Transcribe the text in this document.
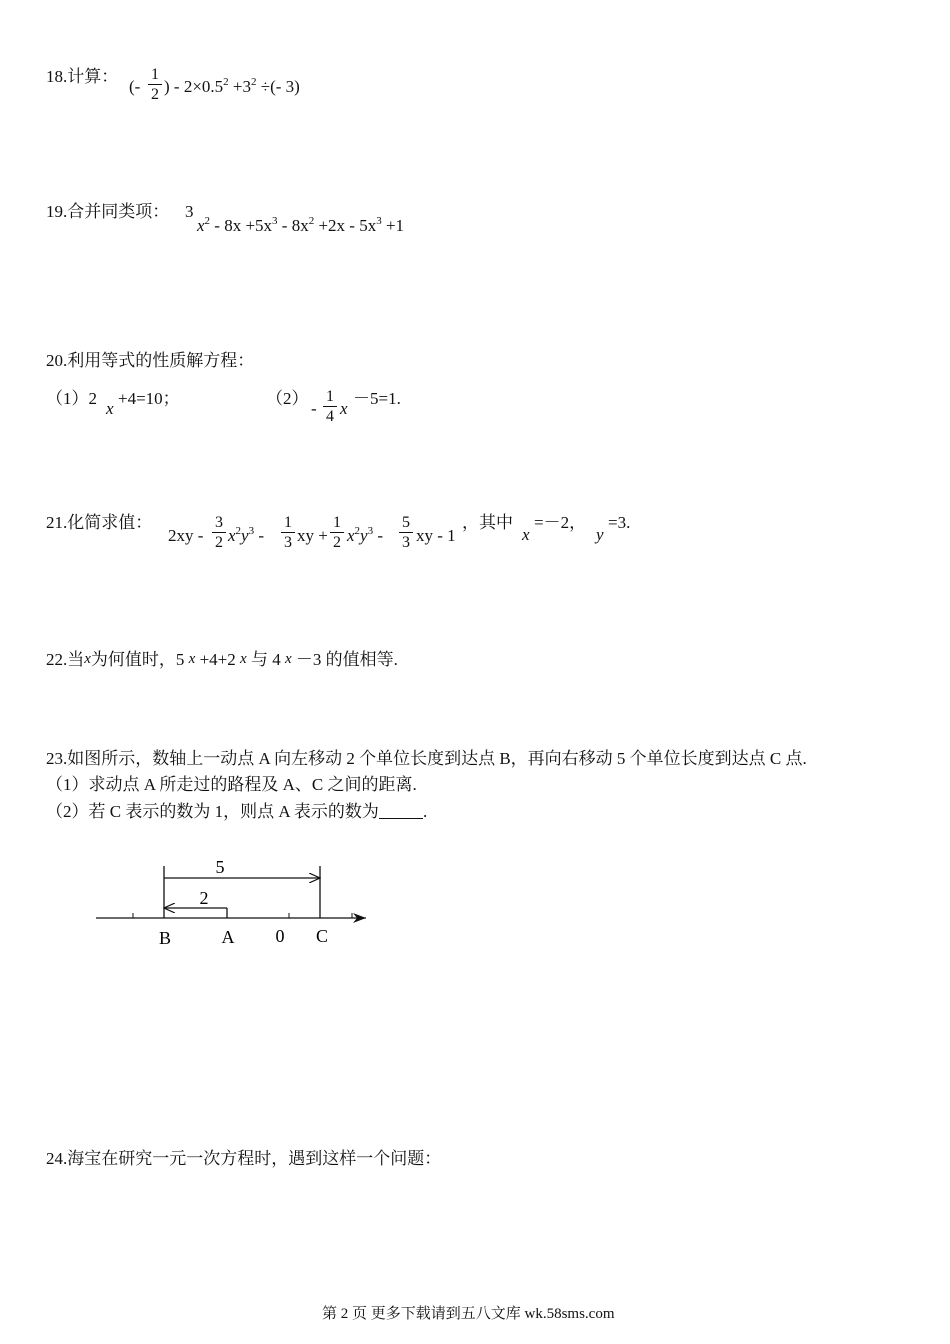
18.计算：
(-
1
2 ) - $2\times 0.5^2 +3^2$ ÷(- 3)
19.合并同类项： 3
$x^2 - 8x +5x^3 - 8x^2 +2x - 5x^3 +1$
20.利用等式的性质解方程：
（1）2
x
+4=10；	（2）
-
1
4 x
－5=1.
21.化简求值：
2xy -
3
2 $x^2y^3$ -
1
3 xy +
1
2 $x^2y^3$ -
5
3 xy - 1
，其中
x
=－2，
y
=3.
22.当x为何值时，5 x +4+2 x 与 4 x －3 的值相等.
23.如图所示，数轴上一动点 A 向左移动 2 个单位长度到达点 B，再向右移动 5 个单位长度到达点 C 点.
（1）求动点 A 所走过的路程及 A、C 之间的距离.
（2）若 C 表示的数为 1，则点 A 表示的数为	.
5
2
B	A 0 C
24.海宝在研究一元一次方程时，遇到这样一个问题：
第 2 页 更多下载请到五八文库 wk.58sms.com
